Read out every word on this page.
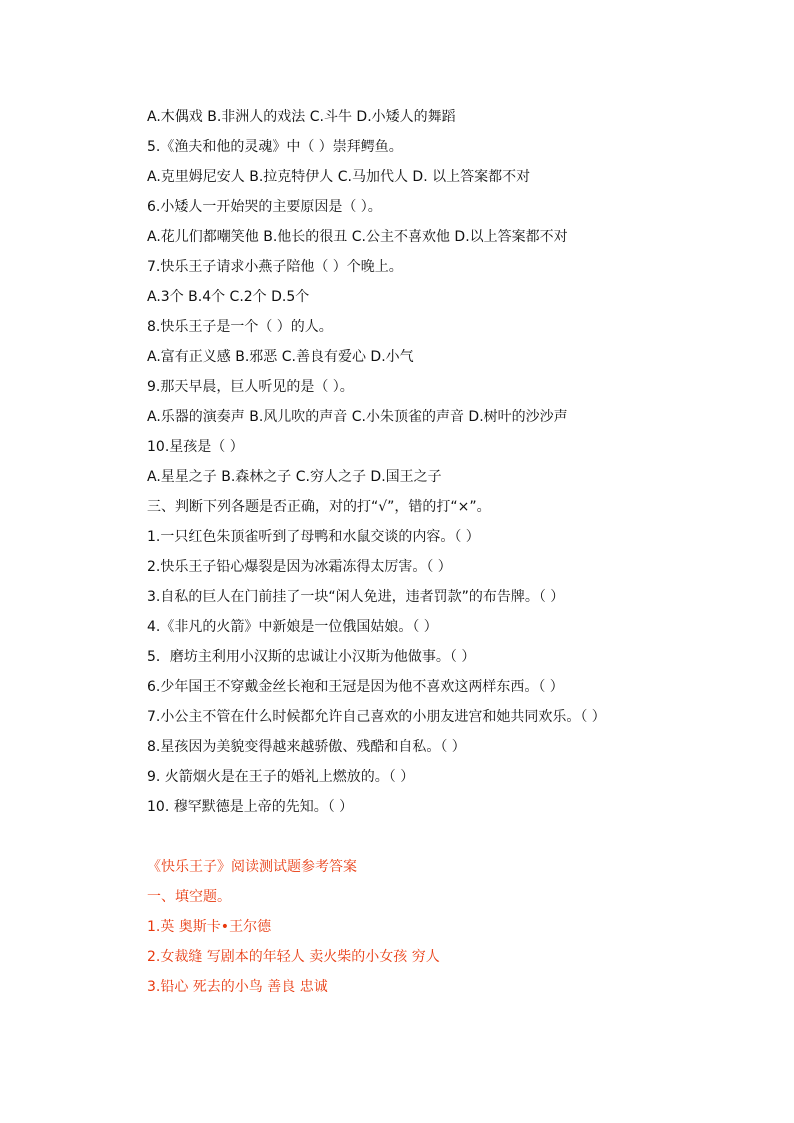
A.木偶戏 B.非洲人的戏法 C.斗牛 D.小矮人的舞蹈
5.《渔夫和他的灵魂》中（ ）崇拜鳄鱼。
A.克里姆尼安人 B.拉克特伊人 C.马加代人 D. 以上答案都不对
6.小矮人一开始哭的主要原因是（ ）。
A.花儿们都嘲笑他 B.他长的很丑 C.公主不喜欢他 D.以上答案都不对
7.快乐王子请求小燕子陪他（ ）个晚上。
A.3个 B.4个 C.2个 D.5个
8.快乐王子是一个（ ）的人。
A.富有正义感 B.邪恶 C.善良有爱心 D.小气
9.那天早晨，巨人听见的是（ ）。
A.乐器的演奏声 B.风儿吹的声音 C.小朱顶雀的声音 D.树叶的沙沙声
10.星孩是（ ）
A.星星之子 B.森林之子 C.穷人之子 D.国王之子
三、判断下列各题是否正确，对的打“√”，错的打“×”。
1.一只红色朱顶雀听到了母鸭和水鼠交谈的内容。（ ）
2.快乐王子铅心爆裂是因为冰霜冻得太厉害。（ ）
3.自私的巨人在门前挂了一块“闲人免进，违者罚款”的布告牌。（ ）
4.《非凡的火箭》中新娘是一位俄国姑娘。（ ）
5．磨坊主利用小汉斯的忠诚让小汉斯为他做事。（ ）
6.少年国王不穿戴金丝长袍和王冠是因为他不喜欢这两样东西。（ ）
7.小公主不管在什么时候都允许自己喜欢的小朋友进宫和她共同欢乐。（ ）
8.星孩因为美貌变得越来越骄傲、残酷和自私。（ ）
9. 火箭烟火是在王子的婚礼上燃放的。（ ）
10. 穆罕默德是上帝的先知。（ ）
《快乐王子》阅读测试题参考答案
一、填空题。
1.英 奥斯卡•王尔德
2.女裁缝 写剧本的年轻人 卖火柴的小女孩 穷人
3.铅心 死去的小鸟 善良 忠诚
